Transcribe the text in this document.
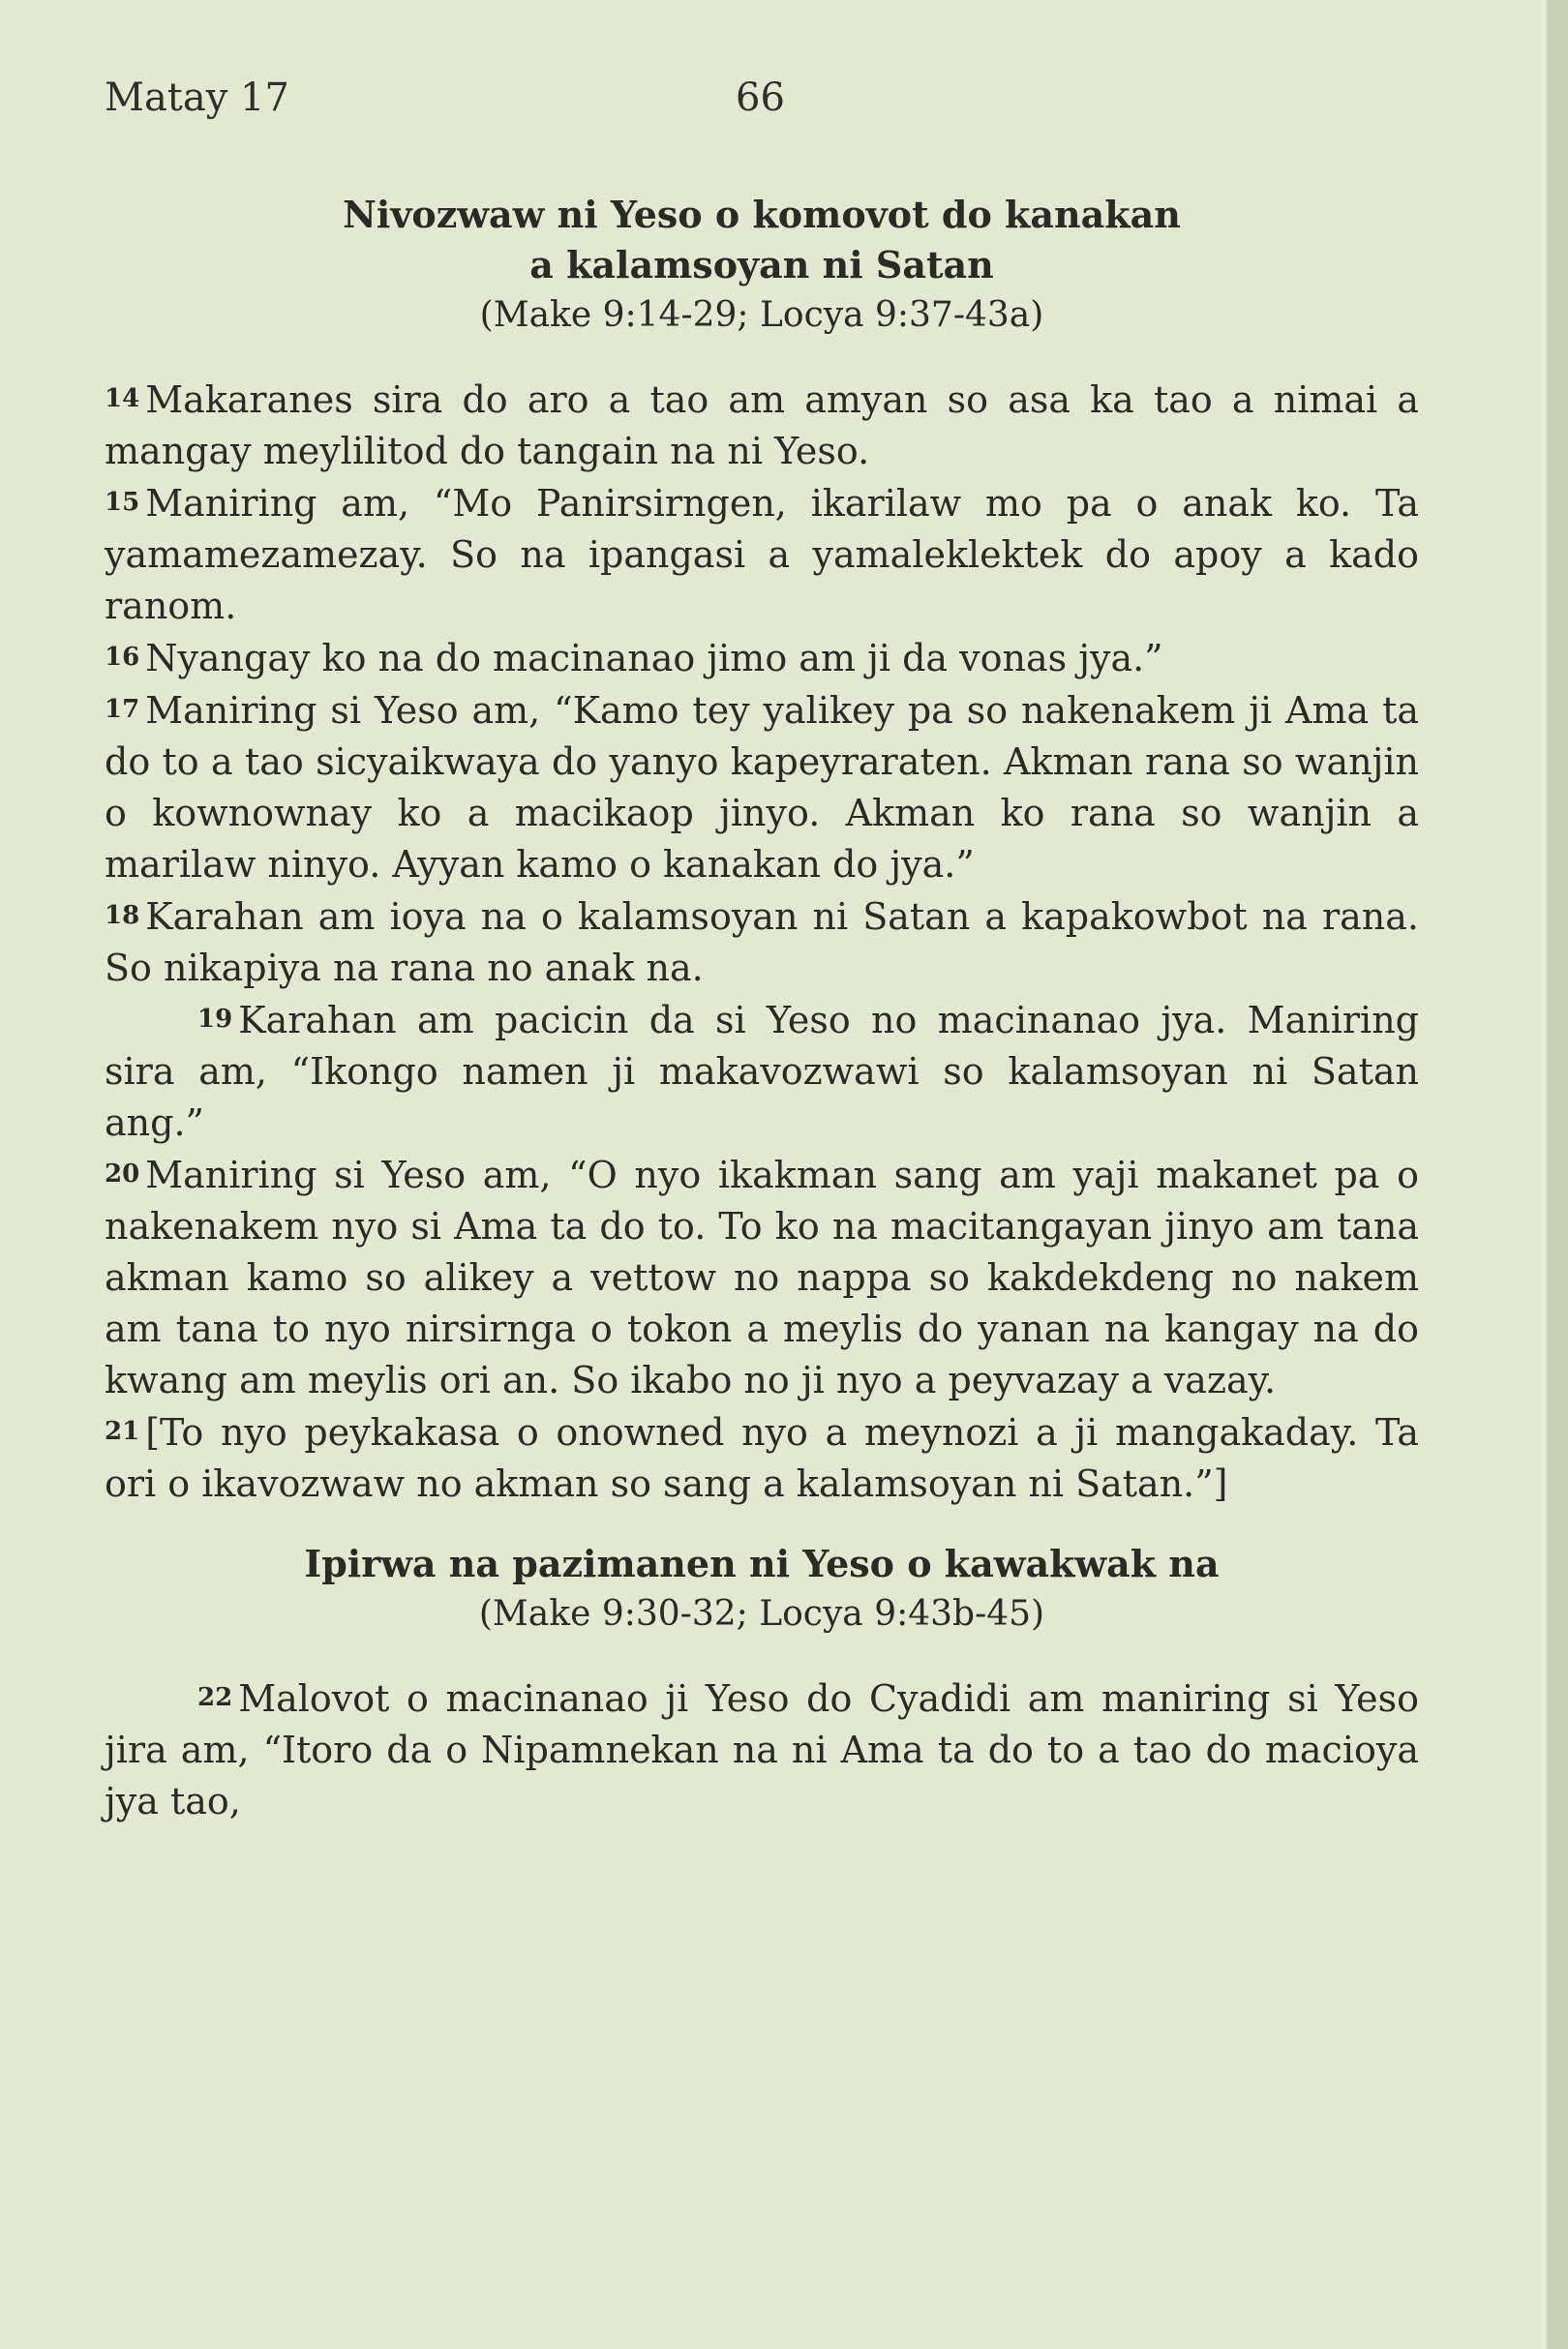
Matay 17	66

Nivozwaw ni Yeso o komovot do kanakan

a kalamsoyan ni Satan

(Make 9:14-29; Locya 9:37-43a)

14 Makaranes sira do aro a tao am amyan so asa ka tao a nimai a mangay meylilitod do tangain na ni Yeso.

15 Maniring am, “Mo Panirsirngen, ikarilaw mo pa o anak ko. Ta yamamezamezay. So na ipangasi a yamaleklektek do apoy a kado ranom.

16 Nyangay ko na do macinanao jimo am ji da vonas jya.”

17 Maniring si Yeso am, “Kamo tey yalikey pa so nakenakem ji Ama ta do to a tao sicyaikwaya do yanyo kapeyraraten. Akman rana so wanjin o kownownay ko a macikaop jinyo. Akman ko rana so wanjin a marilaw ninyo. Ayyan kamo o kanakan do jya.”

18 Karahan am ioya na o kalamsoyan ni Satan a kapakowbot na rana. So nikapiya na rana no anak na.

19 Karahan am pacicin da si Yeso no macinanao jya. Maniring sira am, “Ikongo namen ji makavozwawi so kalamsoyan ni Satan ang.”

20 Maniring si Yeso am, “O nyo ikakman sang am yaji makanet pa o nakenakem nyo si Ama ta do to. To ko na macitangayan jinyo am tana akman kamo so alikey a vettow no nappa so kakdekdeng no nakem am tana to nyo nirsirnga o tokon a meylis do yanan na kangay na do kwang am meylis ori an. So ikabo no ji nyo a peyvazay a vazay.

21 [To nyo peykakasa o onowned nyo a meynozi a ji mangakaday. Ta ori o ikavozwaw no akman so sang a kalamsoyan ni Satan.”]

Ipirwa na pazimanen ni Yeso o kawakwak na

(Make 9:30-32; Locya 9:43b-45)

22 Malovot o macinanao ji Yeso do Cyadidi am maniring si Yeso jira am, “Itoro da o Nipamnekan na ni Ama ta do to a tao do macioya jya tao,
